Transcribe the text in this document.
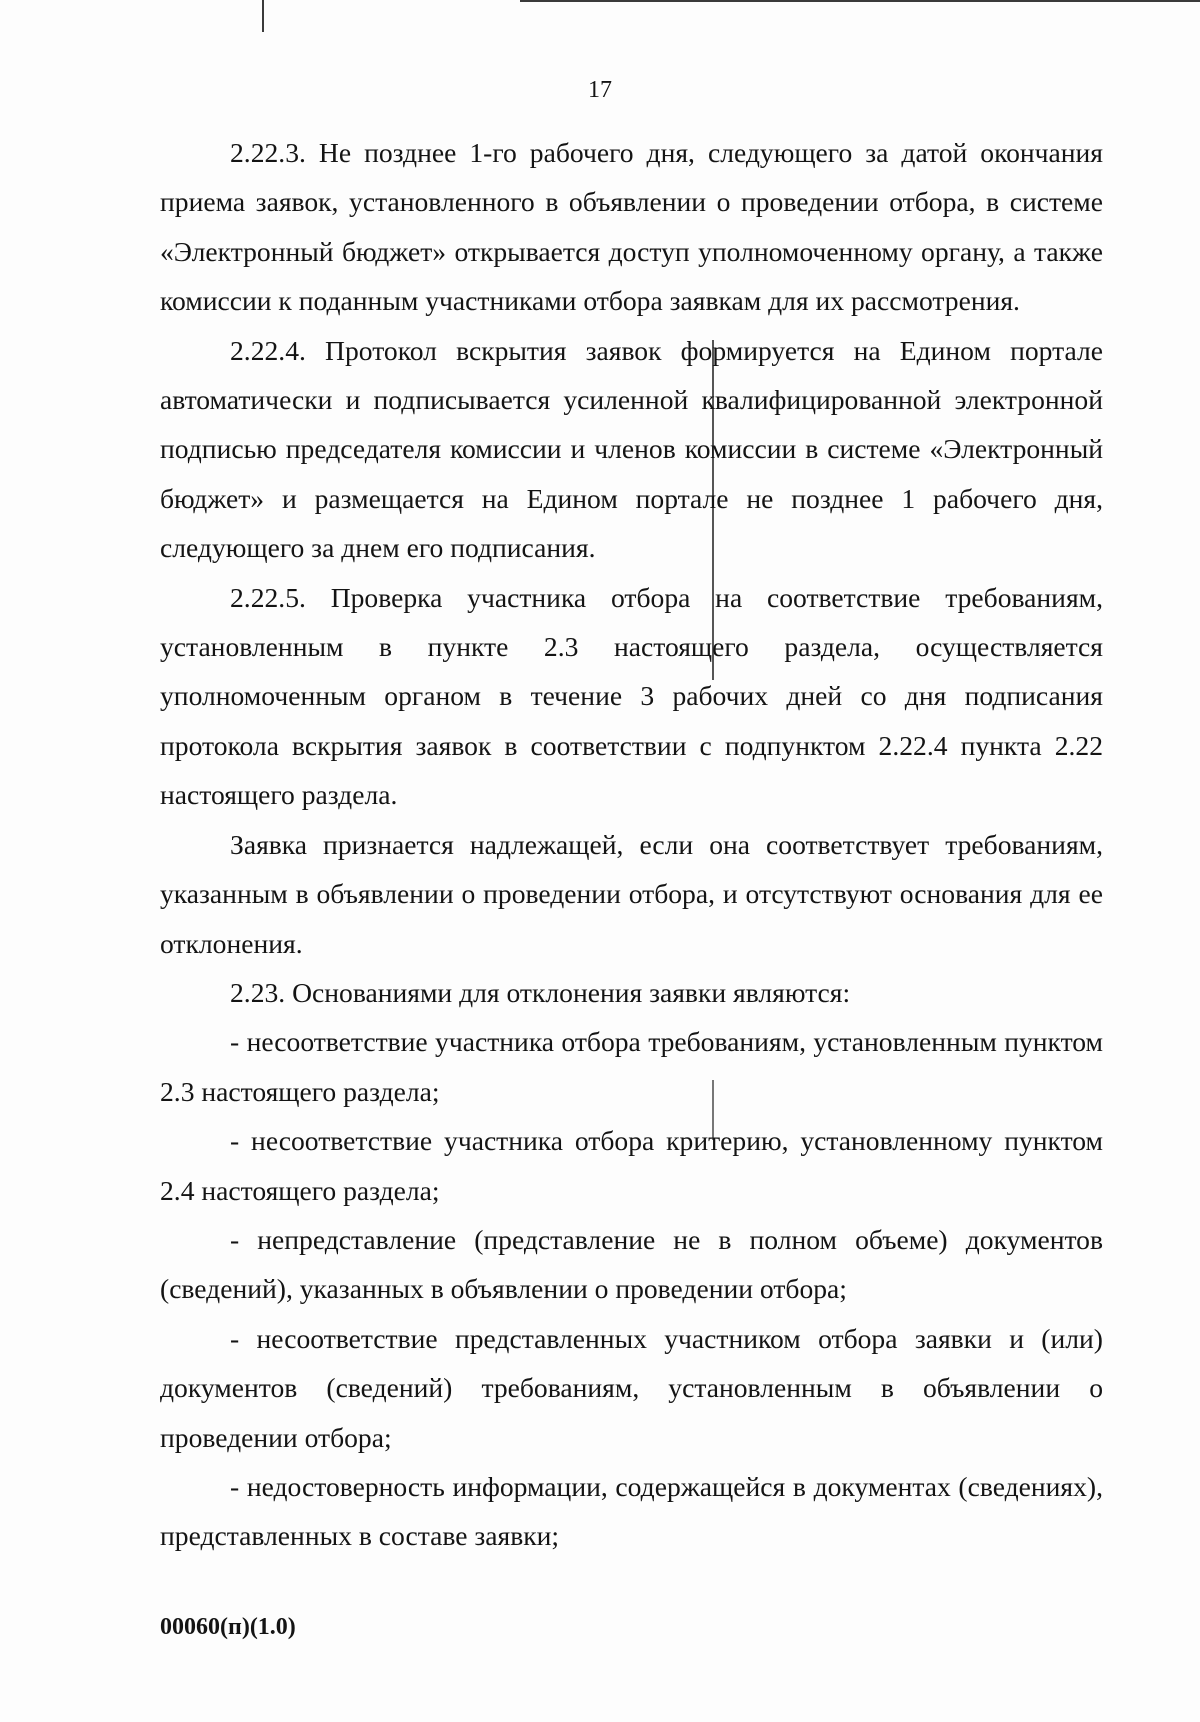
17

2.22.3. Не позднее 1-го рабочего дня, следующего за датой окончания приема заявок, установленного в объявлении о проведении отбора, в системе «Электронный бюджет» открывается доступ уполномоченному органу, а также комиссии к поданным участниками отбора заявкам для их рассмотрения.

2.22.4. Протокол вскрытия заявок формируется на Едином портале автоматически и подписывается усиленной квалифицированной электронной подписью председателя комиссии и членов комиссии в системе «Электронный бюджет» и размещается на Едином портале не позднее 1 рабочего дня, следующего за днем его подписания.

2.22.5. Проверка участника отбора на соответствие требованиям, установленным в пункте 2.3 настоящего раздела, осуществляется уполномоченным органом в течение 3 рабочих дней со дня подписания протокола вскрытия заявок в соответствии с подпунктом 2.22.4 пункта 2.22 настоящего раздела.

Заявка признается надлежащей, если она соответствует требованиям, указанным в объявлении о проведении отбора, и отсутствуют основания для ее отклонения.

2.23. Основаниями для отклонения заявки являются:

- несоответствие участника отбора требованиям, установленным пунктом 2.3 настоящего раздела;

- несоответствие участника отбора критерию, установленному пунктом 2.4 настоящего раздела;

- непредставление (представление не в полном объеме) документов (сведений), указанных в объявлении о проведении отбора;

- несоответствие представленных участником отбора заявки и (или) документов (сведений) требованиям, установленным в объявлении о проведении отбора;

- недостоверность информации, содержащейся в документах (сведениях), представленных в составе заявки;

00060(п)(1.0)
